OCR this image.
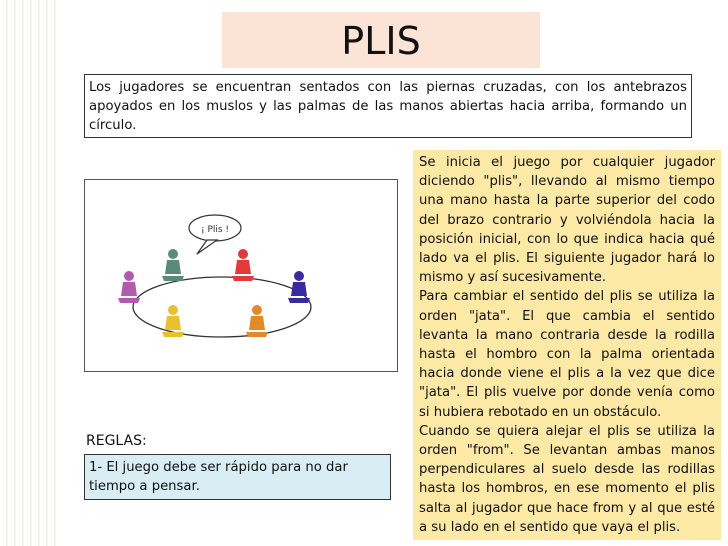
PLIS
Los jugadores se encuentran sentados con las piernas cruzadas, con los antebrazos apoyados en los muslos y las palmas de las manos abiertas hacia arriba, formando un círculo.
¡ Plis !

Se inicia el juego por cualquier jugador diciendo "plis", llevando al mismo tiempo una mano hasta la parte superior del codo del brazo contrario y volviéndola hacia la posición inicial, con lo que indica hacia qué lado va el plis. El siguiente jugador hará lo mismo y así sucesivamente.

Para cambiar el sentido del plis se utiliza la orden "jata". El que cambia el sentido levanta la mano contraria desde la rodilla hasta el hombro con la palma orientada hacia donde viene el plis a la vez que dice "jata". El plis vuelve por donde venía como si hubiera rebotado en un obstáculo.

Cuando se quiera alejar el plis se utiliza la orden "from". Se levantan ambas manos perpendiculares al suelo desde las rodillas hasta los hombros, en ese momento el plis salta al jugador que hace from y al que esté a su lado en el sentido que vaya el plis.

REGLAS:
1- El juego debe ser rápido para no dar tiempo a pensar.
